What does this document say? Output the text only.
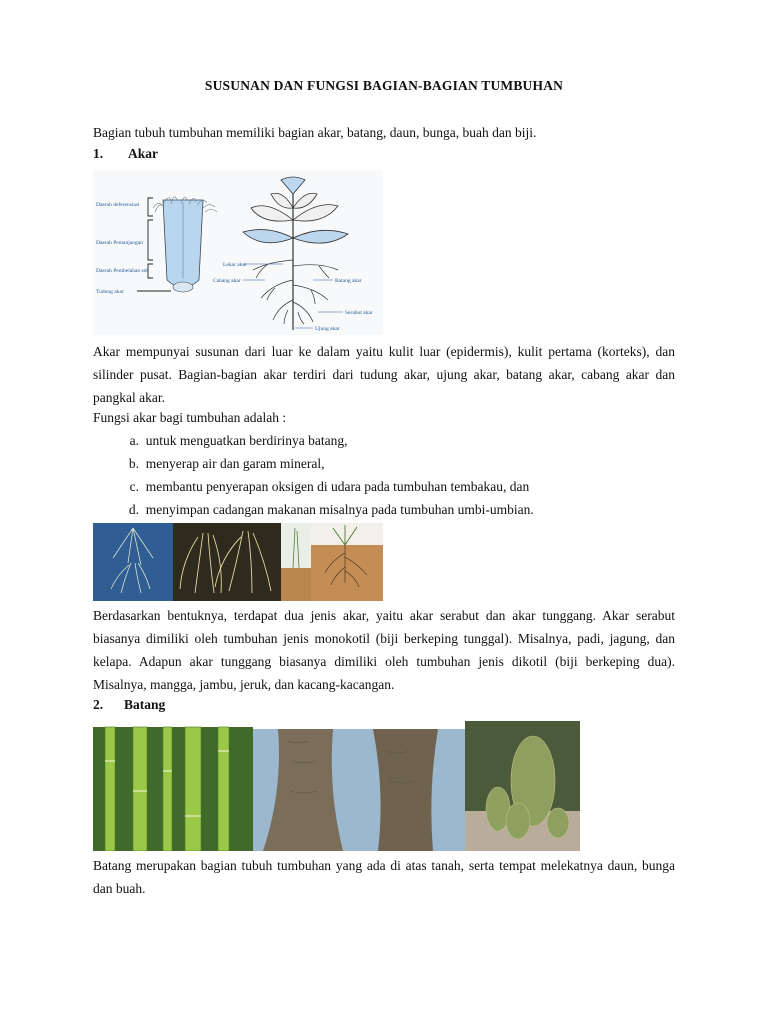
SUSUNAN DAN FUNGSI BAGIAN-BAGIAN TUMBUHAN
Bagian tubuh tumbuhan memiliki bagian akar, batang, daun, bunga, buah dan biji.
1. Akar
Daerah deferensiasi
Daerah Pemanjangan
Daerah Pembelahan sel
Tudung akar
Lekar akar
Cabang akar	Batang akar
Serabut akar
Ujung akar
Akar mempunyai susunan dari luar ke dalam yaitu kulit luar (epidermis), kulit pertama (korteks), dan silinder pusat. Bagian-bagian akar terdiri dari tudung akar, ujung akar, batang akar, cabang akar dan pangkal akar.
Fungsi akar bagi tumbuhan adalah :
a. untuk menguatkan berdirinya batang,
b. menyerap air dan garam mineral,
c. membantu penyerapan oksigen di udara pada tumbuhan tembakau, dan
d. menyimpan cadangan makanan misalnya pada tumbuhan umbi-umbian.
Berdasarkan bentuknya, terdapat dua jenis akar, yaitu akar serabut dan akar tunggang. Akar serabut biasanya dimiliki oleh tumbuhan jenis monokotil (biji berkeping tunggal). Misalnya, padi, jagung, dan kelapa. Adapun akar tunggang biasanya dimiliki oleh tumbuhan jenis dikotil (biji berkeping dua). Misalnya, mangga, jambu, jeruk, dan kacang-kacangan.
2. Batang
Batang merupakan bagian tubuh tumbuhan yang ada di atas tanah, serta tempat melekatnya daun, bunga dan buah.
